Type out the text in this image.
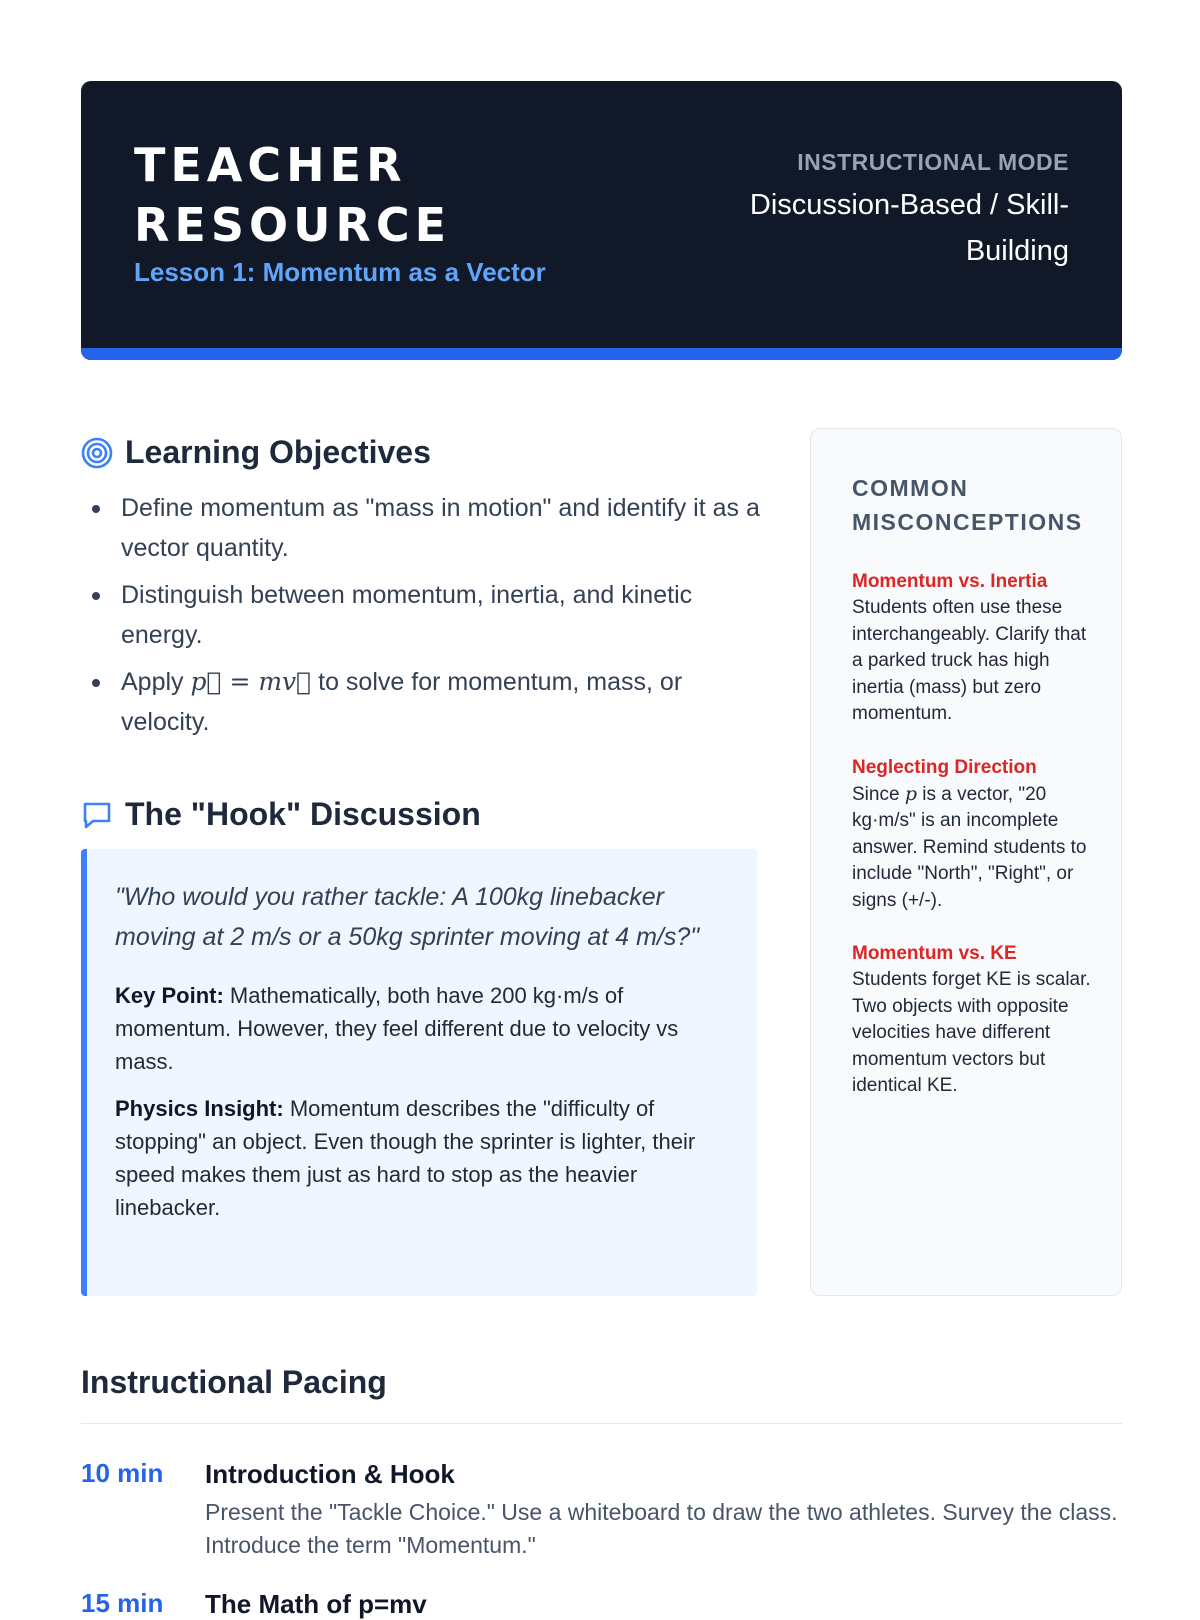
TEACHER
RESOURCE
Lesson 1: Momentum as a Vector
INSTRUCTIONAL MODE
Discussion-Based / Skill-Building
Learning Objectives
Define momentum as "mass in motion" and identify it as a vector quantity.
Distinguish between momentum, inertia, and kinetic energy.
Apply p⃗ = mv⃗ to solve for momentum, mass, or velocity.
The "Hook" Discussion
"Who would you rather tackle: A 100kg linebacker moving at 2 m/s or a 50kg sprinter moving at 4 m/s?"

Key Point: Mathematically, both have 200 kg·m/s of momentum. However, they feel different due to velocity vs mass.

Physics Insight: Momentum describes the "difficulty of stopping" an object. Even though the sprinter is lighter, their speed makes them just as hard to stop as the heavier linebacker.

COMMON MISCONCEPTIONS
Momentum vs. Inertia
Students often use these interchangeably. Clarify that a parked truck has high inertia (mass) but zero momentum.
Neglecting Direction
Since p is a vector, "20 kg·m/s" is an incomplete answer. Remind students to include "North", "Right", or signs (+/-).
Momentum vs. KE
Students forget KE is scalar. Two objects with opposite velocities have different momentum vectors but identical KE.
Instructional Pacing
10 min Introduction & Hook
Present the "Tackle Choice." Use a whiteboard to draw the two athletes. Survey the class. Introduce the term "Momentum."
15 min The Math of p=mv
